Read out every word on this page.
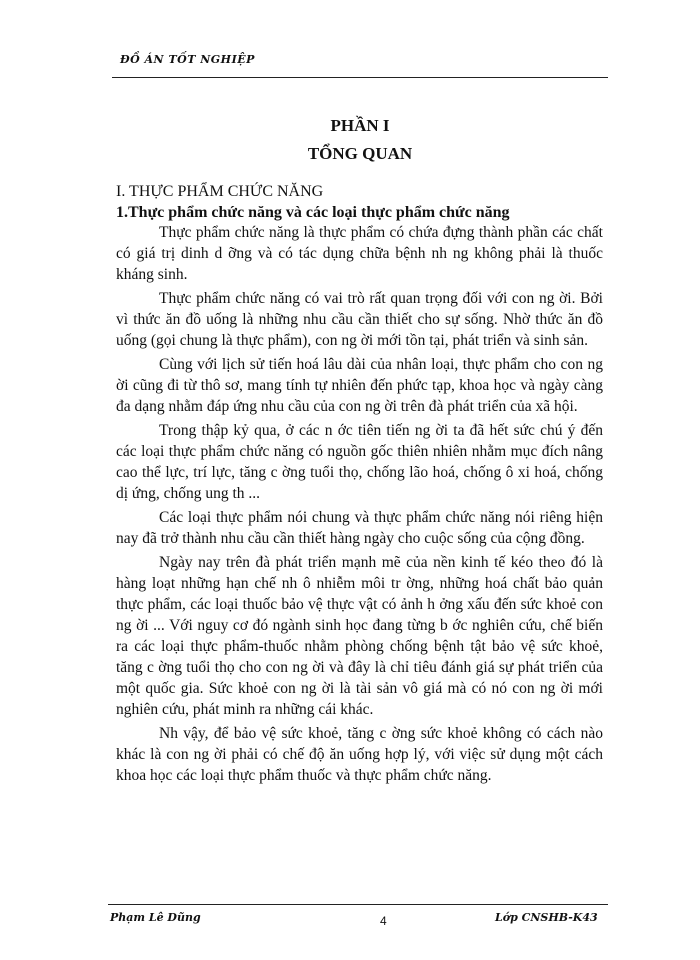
ĐỒ ÁN TỐT NGHIỆP
PHẦN I
TỔNG QUAN
I. THỰC PHẨM CHỨC NĂNG
1.Thực phẩm chức năng và các loại thực phẩm chức năng

Thực phẩm chức năng là thực phẩm có chứa đựng thành phần các chất có giá trị dinh d ỡng và có tác dụng chữa bệnh nh ng không phải là thuốc kháng sinh.

Thực phẩm chức năng có vai trò rất quan trọng đối với con ng ời. Bởi vì thức ăn đồ uống là những nhu cầu cần thiết cho sự sống. Nhờ thức ăn đồ uống (gọi chung là thực phẩm), con ng ời mới tồn tại, phát triển và sinh sản.

Cùng với lịch sử tiến hoá lâu dài của nhân loại, thực phẩm cho con ng ời cũng đi từ thô sơ, mang tính tự nhiên đến phức tạp, khoa học và ngày càng đa dạng nhằm đáp ứng nhu cầu của con ng ời trên đà phát triển của xã hội.

Trong thập kỷ qua, ở các n ớc tiên tiến ng ời ta đã hết sức chú ý đến các loại thực phẩm chức năng có nguồn gốc thiên nhiên nhằm mục đích nâng cao thể lực, trí lực, tăng c ờng tuổi thọ, chống lão hoá, chống ô xi hoá, chống dị ứng, chống ung th ...

Các loại thực phẩm nói chung và thực phẩm chức năng nói riêng hiện nay đã trở thành nhu cầu cần thiết hàng ngày cho cuộc sống của cộng đồng.

Ngày nay trên đà phát triển mạnh mẽ của nền kinh tế kéo theo đó là hàng loạt những hạn chế nh ô nhiễm môi tr ờng, những hoá chất bảo quản thực phẩm, các loại thuốc bảo vệ thực vật có ảnh h ởng xấu đến sức khoẻ con ng ời ... Với nguy cơ đó ngành sinh học đang từng b ớc nghiên cứu, chế biến ra các loại thực phẩm-thuốc nhằm phòng chống bệnh tật bảo vệ sức khoẻ, tăng c ờng tuổi thọ cho con ng ời và đây là chỉ tiêu đánh giá sự phát triển của một quốc gia. Sức khoẻ con ng ời là tài sản vô giá mà có nó con ng ời mới nghiên cứu, phát minh ra những cái khác.

Nh vậy, để bảo vệ sức khoẻ, tăng c ờng sức khoẻ không có cách nào khác là con ng ời phải có chế độ ăn uống hợp lý, với việc sử dụng một cách khoa học các loại thực phẩm thuốc và thực phẩm chức năng.

Phạm Lê Dũng	4	Lớp CNSHB-K43
